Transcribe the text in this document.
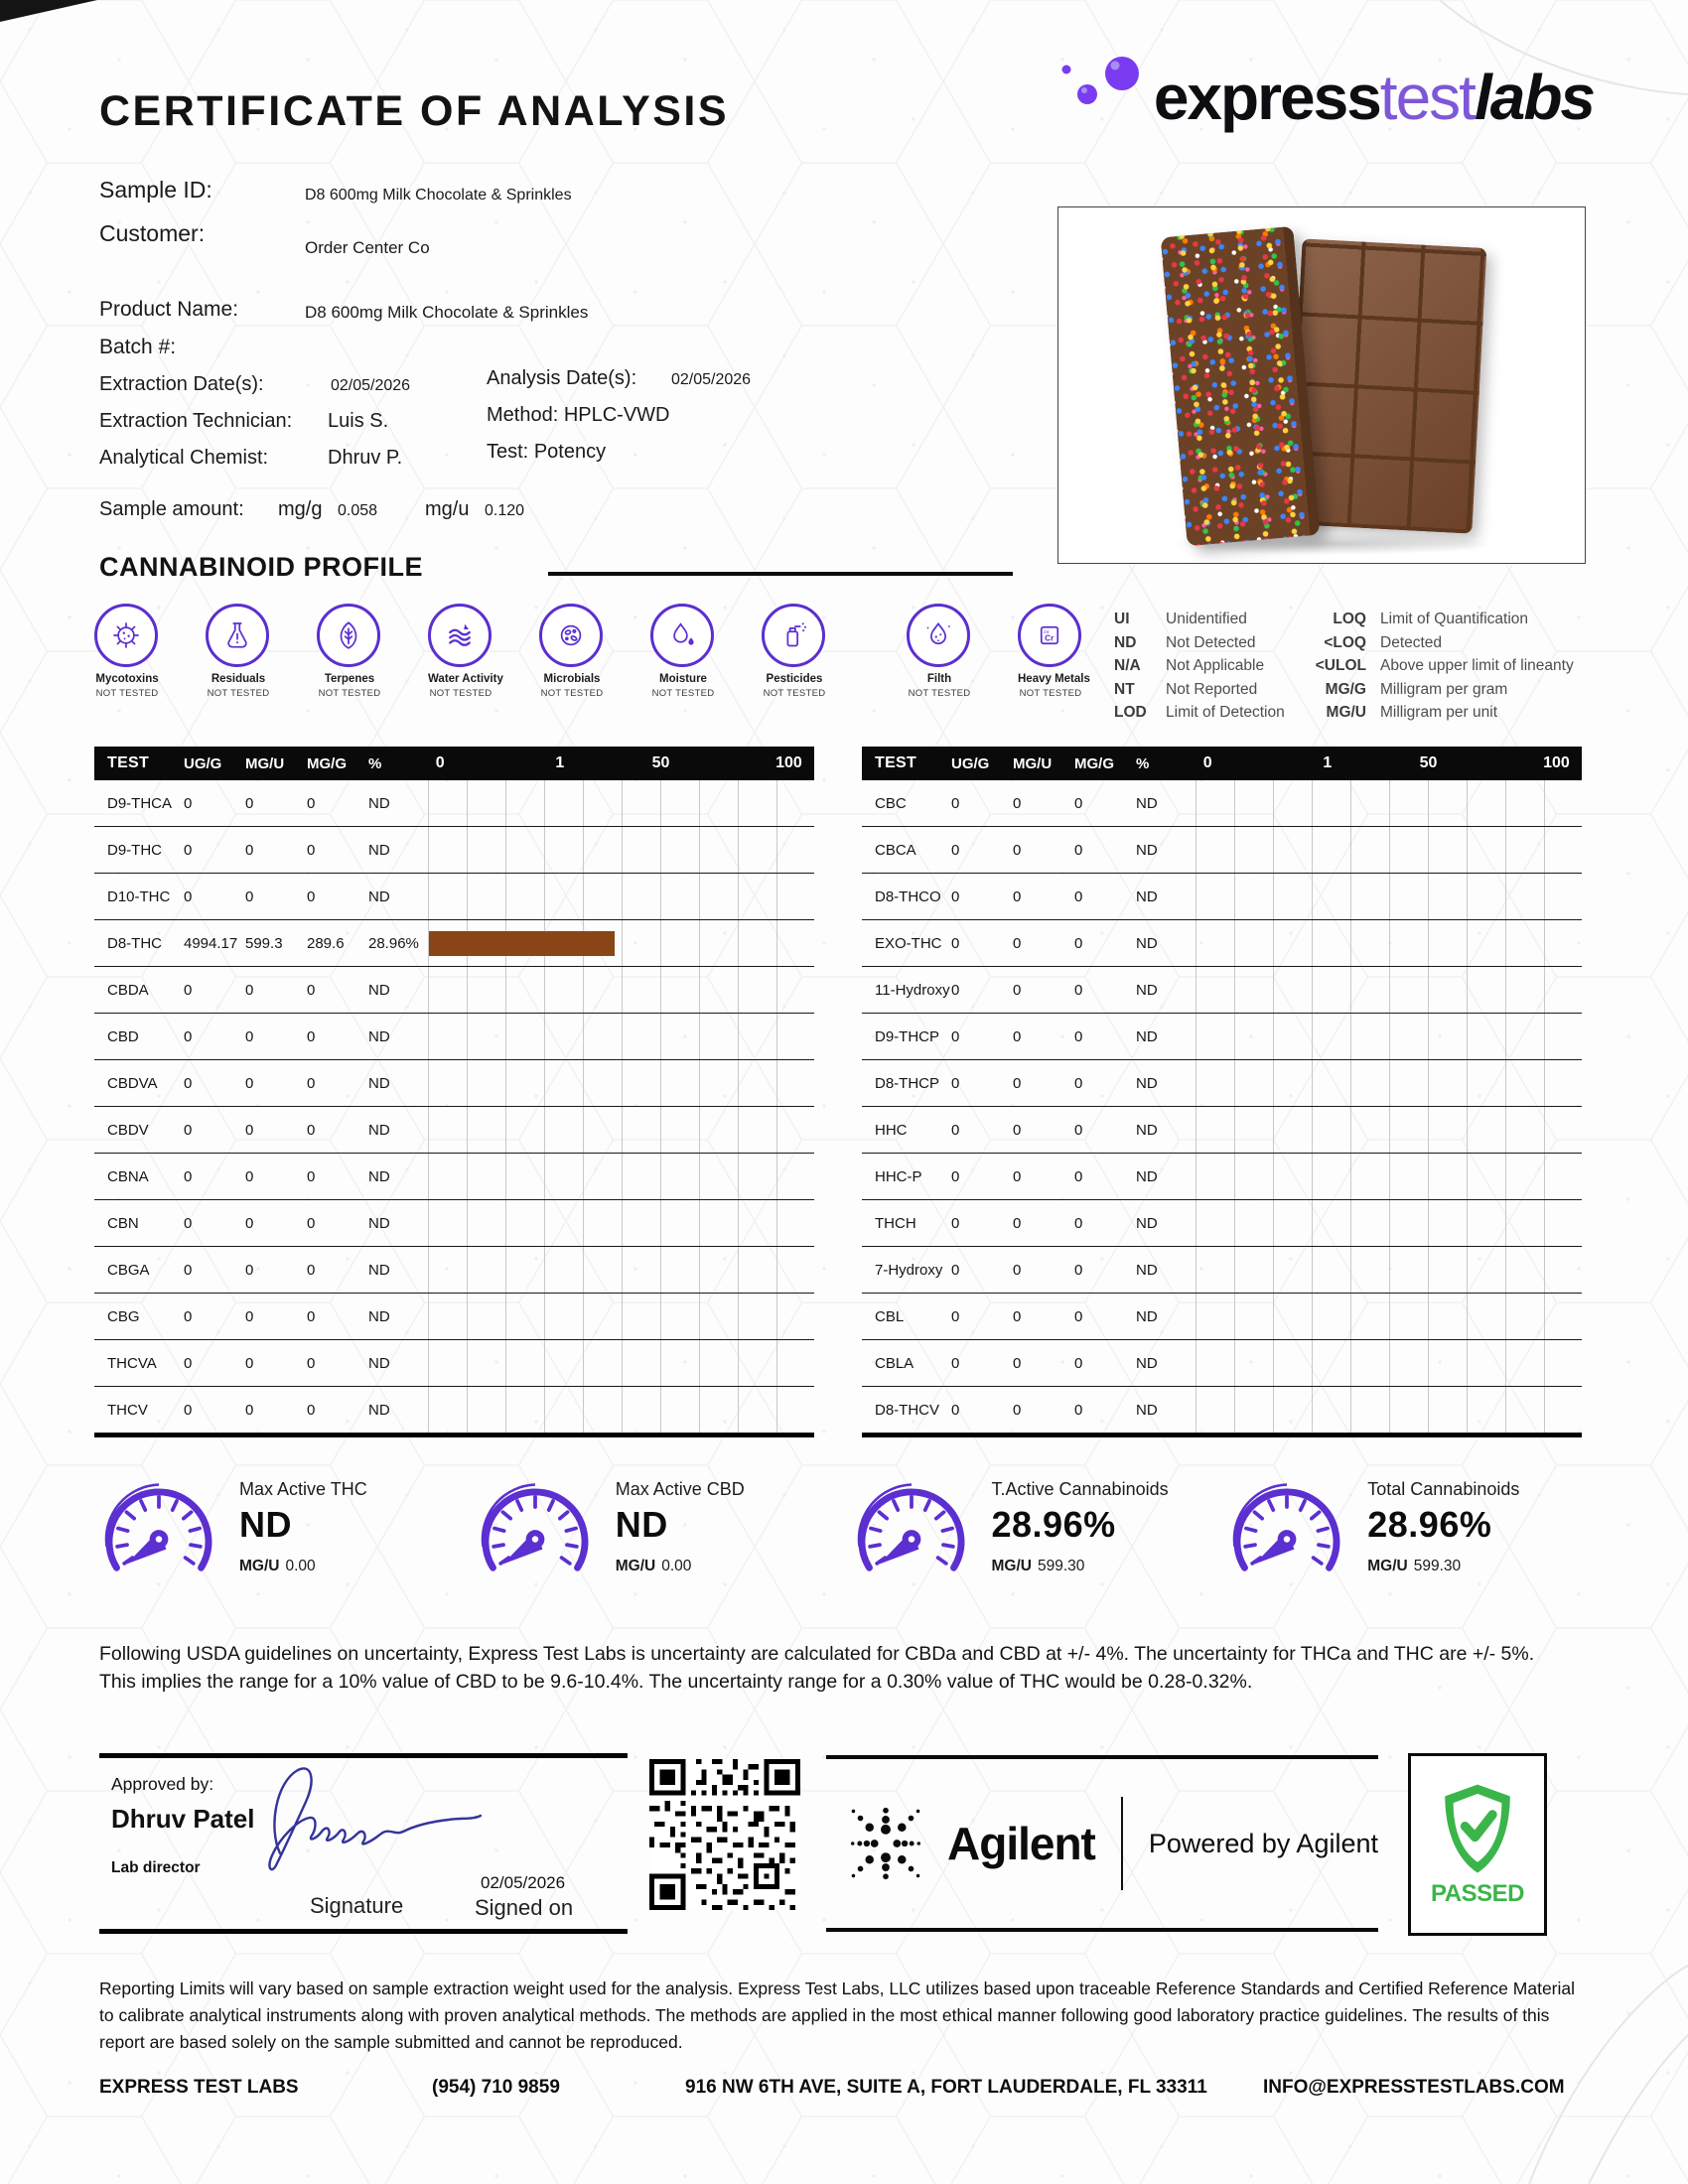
CERTIFICATE OF ANALYSIS	expresstestlabs
Sample ID:	D8 600mg Milk Chocolate & Sprinkles
Customer:
Order Center Co
Product Name:	D8 600mg Milk Chocolate & Sprinkles
Batch #:
Extraction Date(s):	02/05/2026	Analysis Date(s): 02/05/2026
Extraction Technician: Luis S.	Method: HPLC-VWD
Analytical Chemist:	Dhruv P.	Test: Potency
Sample amount: mg/g 0.058 mg/u 0.120
CANNABINOID PROFILE
Mycotoxins
NOT TESTED
Residuals
NOT TESTED
Terpenes
NOT TESTED
Water Activity
NOT TESTED
Microbials
NOT TESTED
Moisture
NOT TESTED
Pesticides
NOT TESTED
Filth
NOT TESTED
24
Cr
Heavy Metals
NOT TESTED
UI	Unidentified
ND	Not Detected
N/A	Not Applicable
NT	Not Reported
LOD	Limit of Detection
LOQ Limit of Quantification
<LOQ Detected
<ULOL Above upper limit of lineanty
MG/G Milligram per gram
MG/U Milligram per unit
TEST	UG/G	MG/U	MG/G	%	0	1	50	100
D9-THCA 0	0	0	ND
D9-THC	0	0	0	ND
D10-THC 0	0	0	ND
D8-THC	4994.17 599.3	289.6	28.96%
CBDA	0	0	0	ND
CBD	0	0	0	ND
CBDVA	0	0	0	ND
CBDV	0	0	0	ND
CBNA	0	0	0	ND
CBN	0	0	0	ND
CBGA	0	0	0	ND
CBG	0	0	0	ND
THCVA	0	0	0	ND
THCV	0	0	0	ND
TEST	UG/G	MG/U	MG/G	%	0	1	50	100
CBC	0	0	0	ND
CBCA	0	0	0	ND
D8-THCO 0	0	0	ND
EXO-THC 0	0	0	ND
11-Hydroxy 0	0	0	ND
D9-THCP 0	0	0	ND
D8-THCP 0	0	0	ND
HHC	0	0	0	ND
HHC-P	0	0	0	ND
THCH	0	0	0	ND
7-Hydroxy 0	0	0	ND
CBL	0	0	0	ND
CBLA	0	0	0	ND
D8-THCV 0	0	0	ND
Max Active THC
ND
MG/U 0.00
Max Active CBD
ND
MG/U 0.00
T.Active Cannabinoids
28.96%
MG/U 599.30
Total Cannabinoids
28.96%
MG/U 599.30

Following USDA guidelines on uncertainty, Express Test Labs is uncertainty are calculated for CBDa and CBD at +/- 4%. The uncertainty for THCa and THC are +/- 5%. This implies the range for a 10% value of CBD to be 9.6-10.4%. The uncertainty range for a 0.30% value of THC would be 0.28-0.32%.

Approved by:
Dhruv Patel
Lab director
Signature
02/05/2026
Signed on
Agilent Powered by Agilent
PASSED

Reporting Limits will vary based on sample extraction weight used for the analysis. Express Test Labs, LLC utilizes based upon traceable Reference Standards and Certified Reference Material to calibrate analytical instruments along with proven analytical methods. The methods are applied in the most ethical manner following good laboratory practice guidelines. The results of this report are based solely on the sample submitted and cannot be reproduced.

EXPRESS TEST LABS	(954) 710 9859	916 NW 6TH AVE, SUITE A, FORT LAUDERDALE, FL 33311	INFO@EXPRESSTESTLABS.COM
